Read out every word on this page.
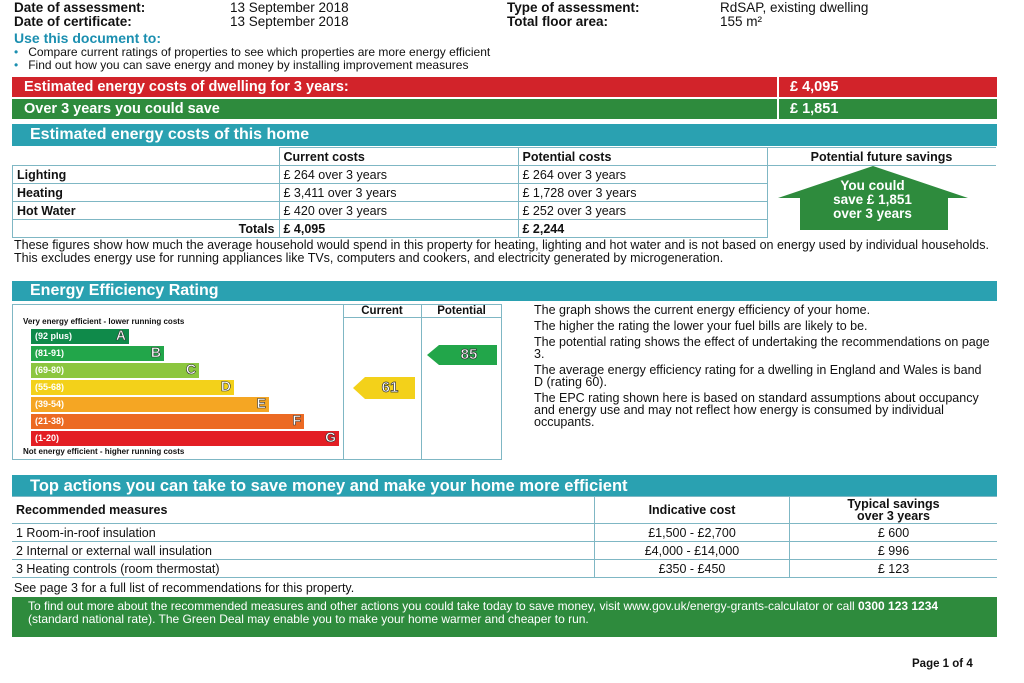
Date of assessment:	13 September 2018
Date of certificate:	13 September 2018
Type of assessment:	RdSAP, existing dwelling
Total floor area:	155 m²
Use this document to:
• Compare current ratings of properties to see which properties are more energy efficient
• Find out how you can save energy and money by installing improvement measures
Estimated energy costs of dwelling for 3 years:	£ 4,095
Over 3 years you could save	£ 1,851
Estimated energy costs of this home
	Current costs	Potential costs	Potential future savings
Lighting	£ 264 over 3 years	£ 264 over 3 years	You could
save £ 1,851
over 3 years

Heating	£ 3,411 over 3 years	£ 1,728 over 3 years	
Hot Water	£ 420 over 3 years	£ 252 over 3 years	
Totals	£ 4,095	£ 2,244	
These figures show how much the average household would spend in this property for heating, lighting and hot water and is not based on energy used by individual households. This excludes energy use for running appliances like TVs, computers and cookers, and electricity generated by microgeneration.
Energy Efficiency Rating
Current	Potential
Very energy efficient - lower running costs
Not energy efficient - higher running costs
(92 plus)	A
(81-91)	B
(69-80)	C
(55-68)	D
(39-54)	E
(21-38)	F
(1-20)	G
61
85

The graph shows the current energy efficiency of your home.

The higher the rating the lower your fuel bills are likely to be.

The potential rating shows the effect of undertaking the recommendations on page 3.

The average energy efficiency rating for a dwelling in England and Wales is band D (rating 60).

The EPC rating shown here is based on standard assumptions about occupancy and energy use and may not reflect how energy is consumed by individual occupants.

Top actions you can take to save money and make your home more efficient
Recommended measures	Indicative cost	Typical savings
over 3 years

1 Room-in-roof insulation	£1,500 - £2,700	£ 600
2 Internal or external wall insulation	£4,000 - £14,000	£ 996
3 Heating controls (room thermostat)	£350 - £450	£ 123
See page 3 for a full list of recommendations for this property.
To find out more about the recommended measures and other actions you could take today to save money, visit www.gov.uk/energy-grants-calculator or call 0300 123 1234 (standard national rate). The Green Deal may enable you to make your home warmer and cheaper to run.
Page 1 of 4
